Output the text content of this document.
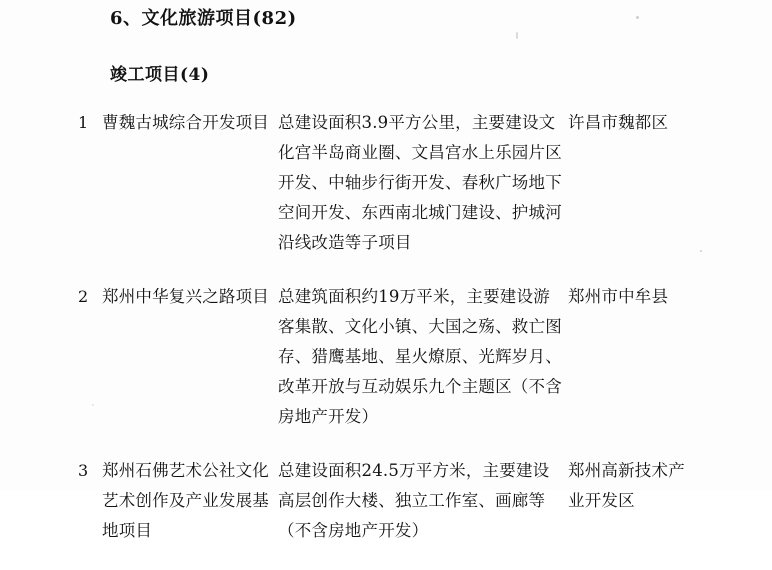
6、文化旅游项目(82)
竣工项目(4)
1 曹魏古城综合开发项目 总建设面积3.9平方公里，主要建设文化宫半岛商业圈、文昌宫水上乐园片区开发、中轴步行街开发、春秋广场地下空间开发、东西南北城门建设、护城河沿线改造等子项目
许昌市魏都区
2 郑州中华复兴之路项目 总建筑面积约19万平米，主要建设游客集散、文化小镇、大国之殇、救亡图存、猎鹰基地、星火燎原、光辉岁月、改革开放与互动娱乐九个主题区（不含房地产开发）
郑州市中牟县
3 郑州石佛艺术公社文化艺术创作及产业发展基地项目
总建设面积24.5万平方米，主要建设高层创作大楼、独立工作室、画廊等（不含房地产开发）
郑州高新技术产业开发区
